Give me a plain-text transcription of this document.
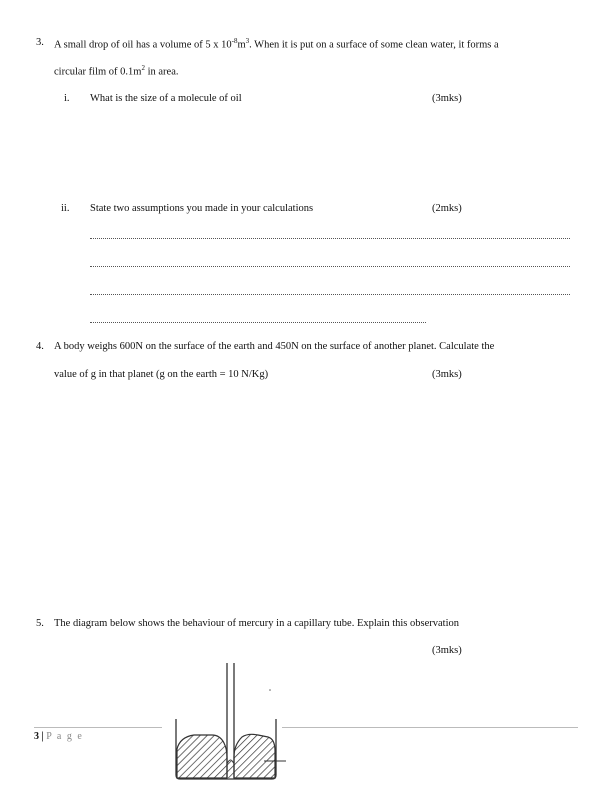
3. A small drop of oil has a volume of 5 x $10^{-8}m^3$. When it is put on a surface of some clean water, it forms a
circular film of $0.1m^2$ in area.
i. What is the size of a molecule of oil	(3mks)
ii. State two assumptions you made in your calculations	(2mks)
4. A body weighs 600N on the surface of the earth and 450N on the surface of another planet. Calculate the
value of g in that planet (g on the earth = 10 N/Kg)	(3mks)
5. The diagram below shows the behaviour of mercury in a capillary tube. Explain this observation
(3mks)
3 | P a g e
